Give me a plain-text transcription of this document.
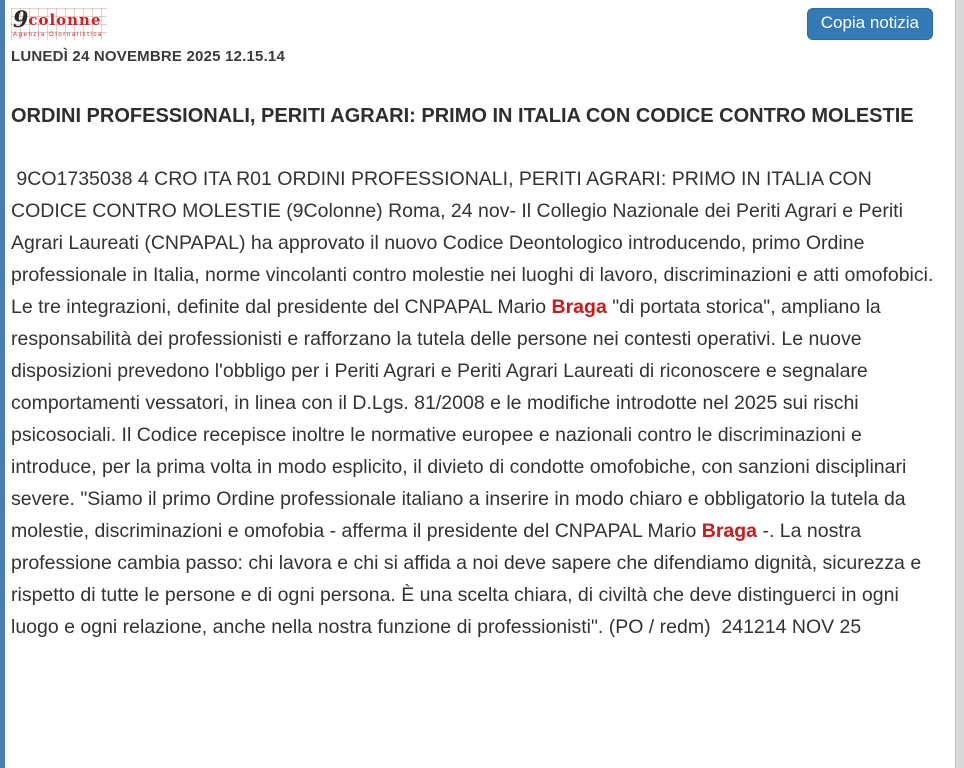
9colonne
Agenzia Giornalistica
Copia notizia
LUNEDÌ 24 NOVEMBRE 2025 12.15.14
ORDINI PROFESSIONALI, PERITI AGRARI: PRIMO IN ITALIA CON CODICE CONTRO MOLESTIE

9CO1735038 4 CRO ITA R01 ORDINI PROFESSIONALI, PERITI AGRARI: PRIMO IN ITALIA CON CODICE CONTRO MOLESTIE (9Colonne) Roma, 24 nov- Il Collegio Nazionale dei Periti Agrari e Periti Agrari Laureati (CNPAPAL) ha approvato il nuovo Codice Deontologico introducendo, primo Ordine professionale in Italia, norme vincolanti contro molestie nei luoghi di lavoro, discriminazioni e atti omofobici. Le tre integrazioni, definite dal presidente del CNPAPAL Mario Braga "di portata storica", ampliano la responsabilità dei professionisti e rafforzano la tutela delle persone nei contesti operativi. Le nuove disposizioni prevedono l'obbligo per i Periti Agrari e Periti Agrari Laureati di riconoscere e segnalare comportamenti vessatori, in linea con il D.Lgs. 81/2008 e le modifiche introdotte nel 2025 sui rischi psicosociali. Il Codice recepisce inoltre le normative europee e nazionali contro le discriminazioni e introduce, per la prima volta in modo esplicito, il divieto di condotte omofobiche, con sanzioni disciplinari severe. "Siamo il primo Ordine professionale italiano a inserire in modo chiaro e obbligatorio la tutela da molestie, discriminazioni e omofobia - afferma il presidente del CNPAPAL Mario Braga -. La nostra professione cambia passo: chi lavora e chi si affida a noi deve sapere che difendiamo dignità, sicurezza e rispetto di tutte le persone e di ogni persona. È una scelta chiara, di civiltà che deve distinguerci in ogni luogo e ogni relazione, anche nella nostra funzione di professionisti". (PO / redm)  241214 NOV 25
